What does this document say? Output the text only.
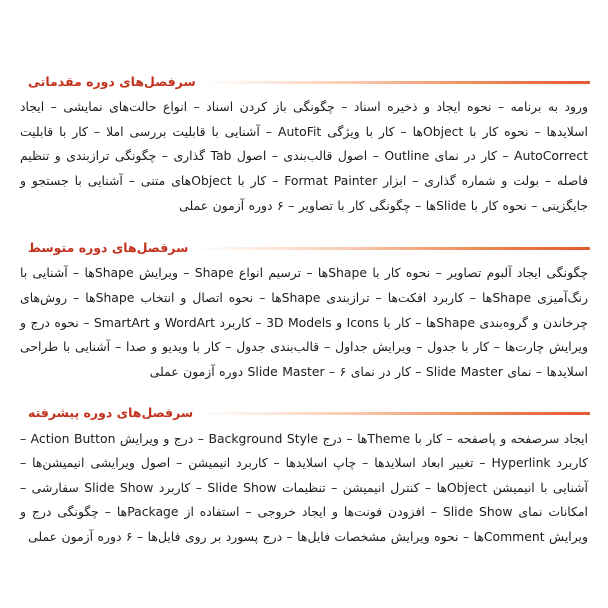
سرفصل‌های دوره مقدماتی

ورود به برنامه – نحوه ایجاد و ذخیره اسناد – چگونگی باز کردن اسناد – انواع حالت‌های نمایشی – ایجاد اسلایدها – نحوه کار با Objectها – کار با ویژگی AutoFit – آشنایی با قابلیت بررسی املا – کار با قابلیت AutoCorrect – کار در نمای Outline – اصول قالب‌بندی – اصول Tab گذاری – چگونگی ترازبندی و تنظیم فاصله – بولت و شماره گذاری – ابزار Format Painter – کار با Objectهای متنی – آشنایی با جستجو و جایگزینی – نحوه کار با Slideها – چگونگی کار با تصاویر – ۶ دوره آزمون عملی

سرفصل‌های دوره متوسط

چگونگی ایجاد آلبوم تصاویر – نحوه کار با Shapeها – ترسیم انواع Shape – ویرایش Shapeها – آشنایی با رنگ‌آمیزی Shapeها – کاربرد افکت‌ها – ترازبندی Shapeها – نحوه اتصال و انتخاب Shapeها – روش‌های چرخاندن و گروه‌بندی Shapeها – کار با Icons و 3D Models – کاربرد WordArt و SmartArt – نحوه درج و ویرایش چارت‌ها – کار با جدول – ویرایش جداول – قالب‌بندی جدول – کار با ویدیو و صدا – آشنایی با طراحی اسلایدها – نمای Slide Master – کار در نمای Slide Master – ۶ دوره آزمون عملی

سرفصل‌های دوره پیشرفته

ایجاد سرصفحه و پاصفحه – کار با Themeها – درج Background Style – درج و ویرایش Action Button – کاربرد Hyperlink – تغییر ابعاد اسلایدها – چاپ اسلایدها – کاربرد انیمیشن – اصول ویرایشی انیمیشن‌ها – آشنایی با انیمیشن Objectها – کنترل انیمیشن – تنظیمات Slide Show – کاربرد Slide Show سفارشی – امکانات نمای Slide Show – افزودن فونت‌ها و ایجاد خروجی – استفاده از Packageها – چگونگی درج و ویرایش Commentها – نحوه ویرایش مشخصات فایل‌ها – درج پسورد بر روی فایل‌ها – ۶ دوره آزمون عملی
